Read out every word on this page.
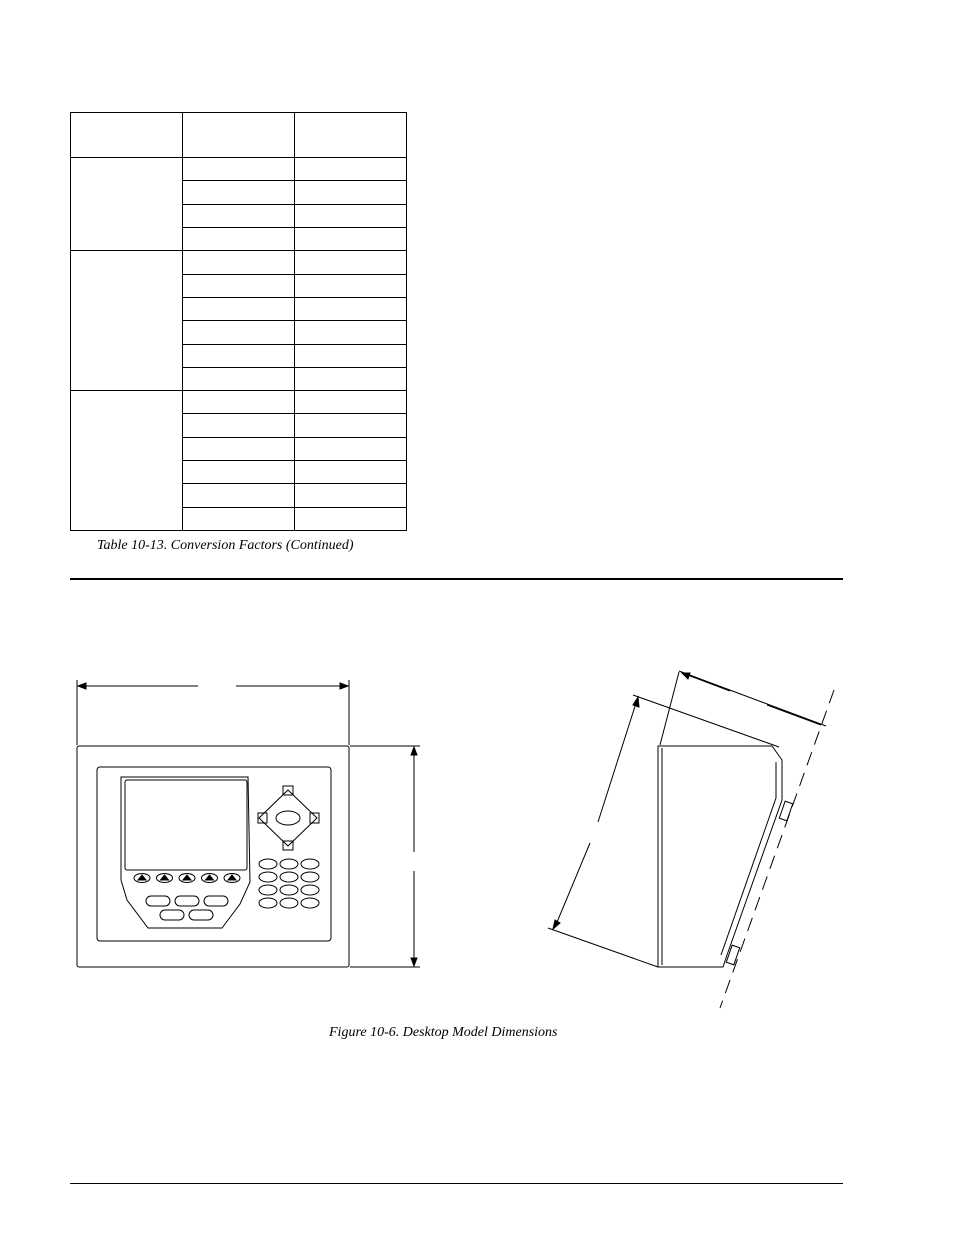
Table 10-13. Conversion Factors (Continued)
Figure 10-6. Desktop Model Dimensions
